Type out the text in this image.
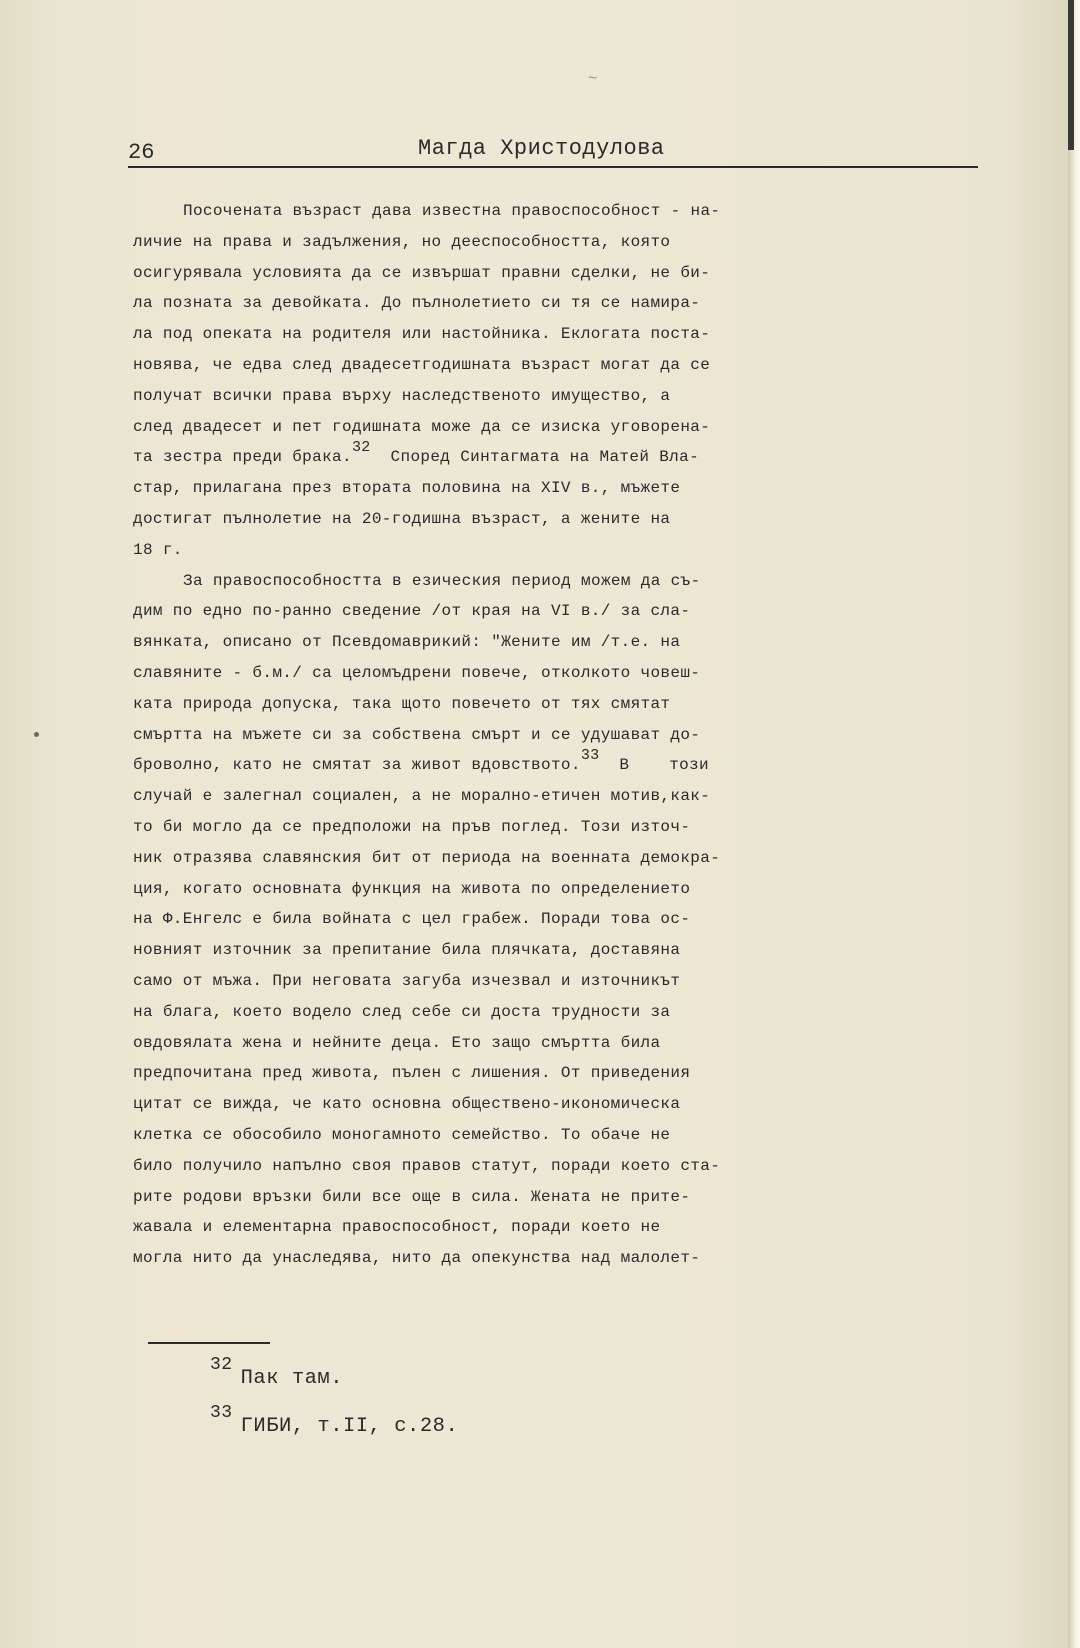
~
26	Магда Христодулова
Посочената възраст дава известна правоспособност - на-
личие на права и задължения, но дееспособността, която
осигурявала условията да се извършат правни сделки, не би-
ла позната за девойката. До пълнолетието си тя се намира-
ла под опеката на родителя или настойника. Еклогата поста-
новява, че едва след двадесетгодишната възраст могат да се
получат всички права върху наследственото имущество, а
след двадесет и пет годишната може да се изиска уговорена-
та зестра преди брака.32  Според Синтагмата на Матей Вла-
стар, прилагана през втората половина на XIV в., мъжете
достигат пълнолетие на 20-годишна възраст, а жените на
18 г.
За правоспособността в езическия период можем да съ-
дим по едно по-ранно сведение /от края на VI в./ за сла-
вянката, описано от Псевдомаврикий: "Жените им /т.е. на
славяните - б.м./ са целомъдрени повече, отколкото човеш-
ката природа допуска, така щото повечето от тях смятат
смъртта на мъжете си за собствена смърт и се удушават до-
броволно, като не смятат за живот вдовството.33  В    този
случай е залегнал социален, а не морално-етичен мотив,как-
то би могло да се предположи на пръв поглед. Този източ-
ник отразява славянския бит от периода на военната демокра-
ция, когато основната функция на живота по определението
на Ф.Енгелс е била войната с цел грабеж. Поради това ос-
новният източник за препитание била плячката, доставяна
само от мъжа. При неговата загуба изчезвал и източникът
на блага, което водело след себе си доста трудности за
овдовялата жена и нейните деца. Ето защо смъртта била
предпочитана пред живота, пълен с лишения. От приведения
цитат се вижда, че като основна обществено-икономическа
клетка се обособило моногамното семейство. То обаче не
било получило напълно своя правов статут, поради което ста-
рите родови връзки били все още в сила. Жената не прите-
жавала и елементарна правоспособност, поради което не
могла нито да унаследява, нито да опекунства над малолет-
32Пак там.
33ГИБИ, т.II, с.28.
